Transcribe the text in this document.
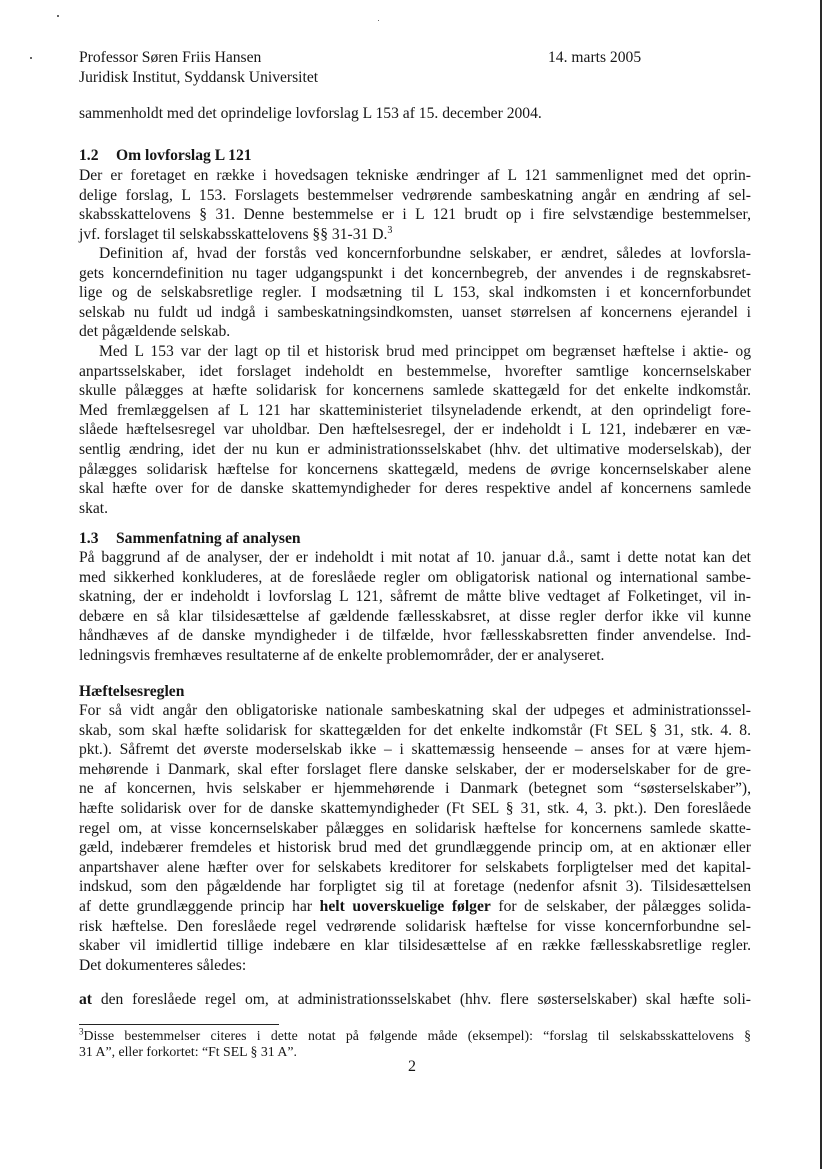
Professor Søren Friis Hansen
Juridisk Institut, Syddansk Universitet
14. marts 2005
sammenholdt med det oprindelige lovforslag L 153 af 15. december 2004.
1.2 Om lovforslag L 121
Der er foretaget en række i hovedsagen tekniske ændringer af L 121 sammenlignet med det oprin-
delige forslag, L 153. Forslagets bestemmelser vedrørende sambeskatning angår en ændring af sel-
skabsskattelovens § 31. Denne bestemmelse er i L 121 brudt op i fire selvstændige bestemmelser,
jvf. forslaget til selskabsskattelovens §§ 31-31 D.$^3$
Definition af, hvad der forstås ved koncernforbundne selskaber, er ændret, således at lovforsla-
gets koncerndefinition nu tager udgangspunkt i det koncernbegreb, der anvendes i de regnskabsret-
lige og de selskabsretlige regler. I modsætning til L 153, skal indkomsten i et koncernforbundet
selskab nu fuldt ud indgå i sambeskatningsindkomsten, uanset størrelsen af koncernens ejerandel i
det pågældende selskab.
Med L 153 var der lagt op til et historisk brud med princippet om begrænset hæftelse i aktie- og
anpartsselskaber, idet forslaget indeholdt en bestemmelse, hvorefter samtlige koncernselskaber
skulle pålægges at hæfte solidarisk for koncernens samlede skattegæld for det enkelte indkomstår.
Med fremlæggelsen af L 121 har skatteministeriet tilsyneladende erkendt, at den oprindeligt fore-
slåede hæftelsesregel var uholdbar. Den hæftelsesregel, der er indeholdt i L 121, indebærer en væ-
sentlig ændring, idet der nu kun er administrationsselskabet (hhv. det ultimative moderselskab), der
pålægges solidarisk hæftelse for koncernens skattegæld, medens de øvrige koncernselskaber alene
skal hæfte over for de danske skattemyndigheder for deres respektive andel af koncernens samlede
skat.
1.3 Sammenfatning af analysen
På baggrund af de analyser, der er indeholdt i mit notat af 10. januar d.å., samt i dette notat kan det
med sikkerhed konkluderes, at de foreslåede regler om obligatorisk national og international sambe-
skatning, der er indeholdt i lovforslag L 121, såfremt de måtte blive vedtaget af Folketinget, vil in-
debære en så klar tilsidesættelse af gældende fællesskabsret, at disse regler derfor ikke vil kunne
håndhæves af de danske myndigheder i de tilfælde, hvor fællesskabsretten finder anvendelse. Ind-
ledningsvis fremhæves resultaterne af de enkelte problemområder, der er analyseret.
Hæftelsesreglen
For så vidt angår den obligatoriske nationale sambeskatning skal der udpeges et administrationssel-
skab, som skal hæfte solidarisk for skattegælden for det enkelte indkomstår (Ft SEL § 31, stk. 4. 8.
pkt.). Såfremt det øverste moderselskab ikke – i skattemæssig henseende – anses for at være hjem-
mehørende i Danmark, skal efter forslaget flere danske selskaber, der er moderselskaber for de gre-
ne af koncernen, hvis selskaber er hjemmehørende i Danmark (betegnet som “søsterselskaber”),
hæfte solidarisk over for de danske skattemyndigheder (Ft SEL § 31, stk. 4, 3. pkt.). Den foreslåede
regel om, at visse koncernselskaber pålægges en solidarisk hæftelse for koncernens samlede skatte-
gæld, indebærer fremdeles et historisk brud med det grundlæggende princip om, at en aktionær eller
anpartshaver alene hæfter over for selskabets kreditorer for selskabets forpligtelser med det kapital-
indskud, som den pågældende har forpligtet sig til at foretage (nedenfor afsnit 3). Tilsidesættelsen
af dette grundlæggende princip har helt uoverskuelige følger for de selskaber, der pålægges solida-
risk hæftelse. Den foreslåede regel vedrørende solidarisk hæftelse for visse koncernforbundne sel-
skaber vil imidlertid tillige indebære en klar tilsidesættelse af en række fællesskabsretlige regler.
Det dokumenteres således:
at den foreslåede regel om, at administrationsselskabet (hhv. flere søsterselskaber) skal hæfte soli-
$^3$Disse bestemmelser citeres i dette notat på følgende måde (eksempel): “forslag til selskabsskattelovens §
31 A”, eller forkortet: “Ft SEL § 31 A”.
2
